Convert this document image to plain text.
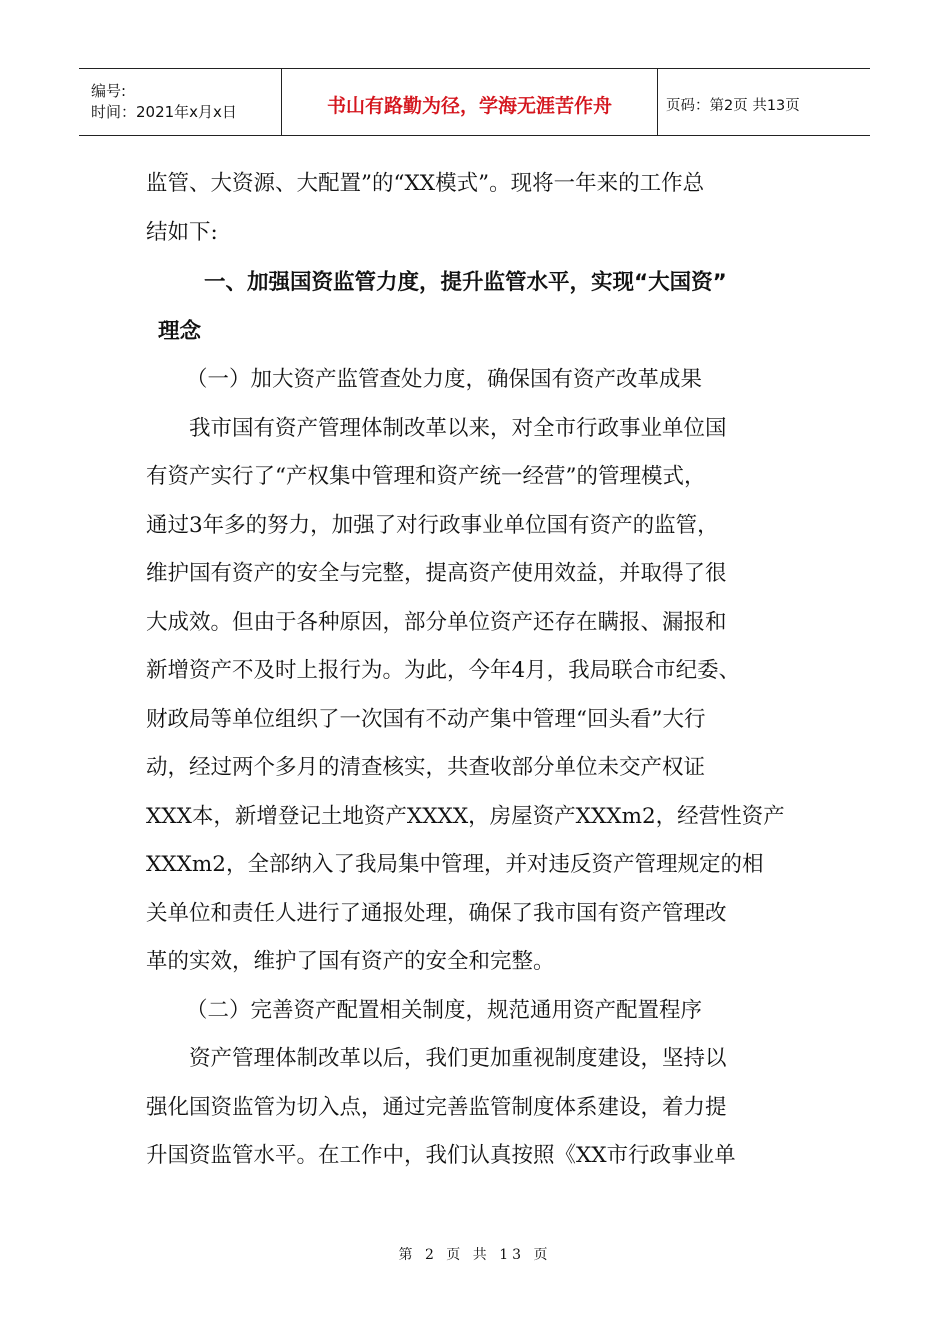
编号:
时间：2021年x月x日	书山有路勤为径，学海无涯苦作舟	页码：第2页 共13页
监管、大资源、大配置”的“XX模式”。现将一年来的工作总
结如下:
一、加强国资监管力度，提升监管水平，实现“大国资”
理念
（一）加大资产监管查处力度，确保国有资产改革成果
我市国有资产管理体制改革以来，对全市行政事业单位国
有资产实行了“产权集中管理和资产统一经营”的管理模式，
通过3年多的努力，加强了对行政事业单位国有资产的监管，
维护国有资产的安全与完整，提高资产使用效益，并取得了很
大成效。但由于各种原因，部分单位资产还存在瞒报、漏报和
新增资产不及时上报行为。为此，今年4月，我局联合市纪委、
财政局等单位组织了一次国有不动产集中管理“回头看”大行
动，经过两个多月的清查核实，共查收部分单位未交产权证
XXX本，新增登记土地资产XXXX，房屋资产XXXm2，经营性资产
XXXm2，全部纳入了我局集中管理，并对违反资产管理规定的相
关单位和责任人进行了通报处理，确保了我市国有资产管理改
革的实效，维护了国有资产的安全和完整。
（二）完善资产配置相关制度，规范通用资产配置程序
资产管理体制改革以后，我们更加重视制度建设，坚持以
强化国资监管为切入点，通过完善监管制度体系建设，着力提
升国资监管水平。在工作中，我们认真按照《XX市行政事业单
第 2 页 共 13 页
